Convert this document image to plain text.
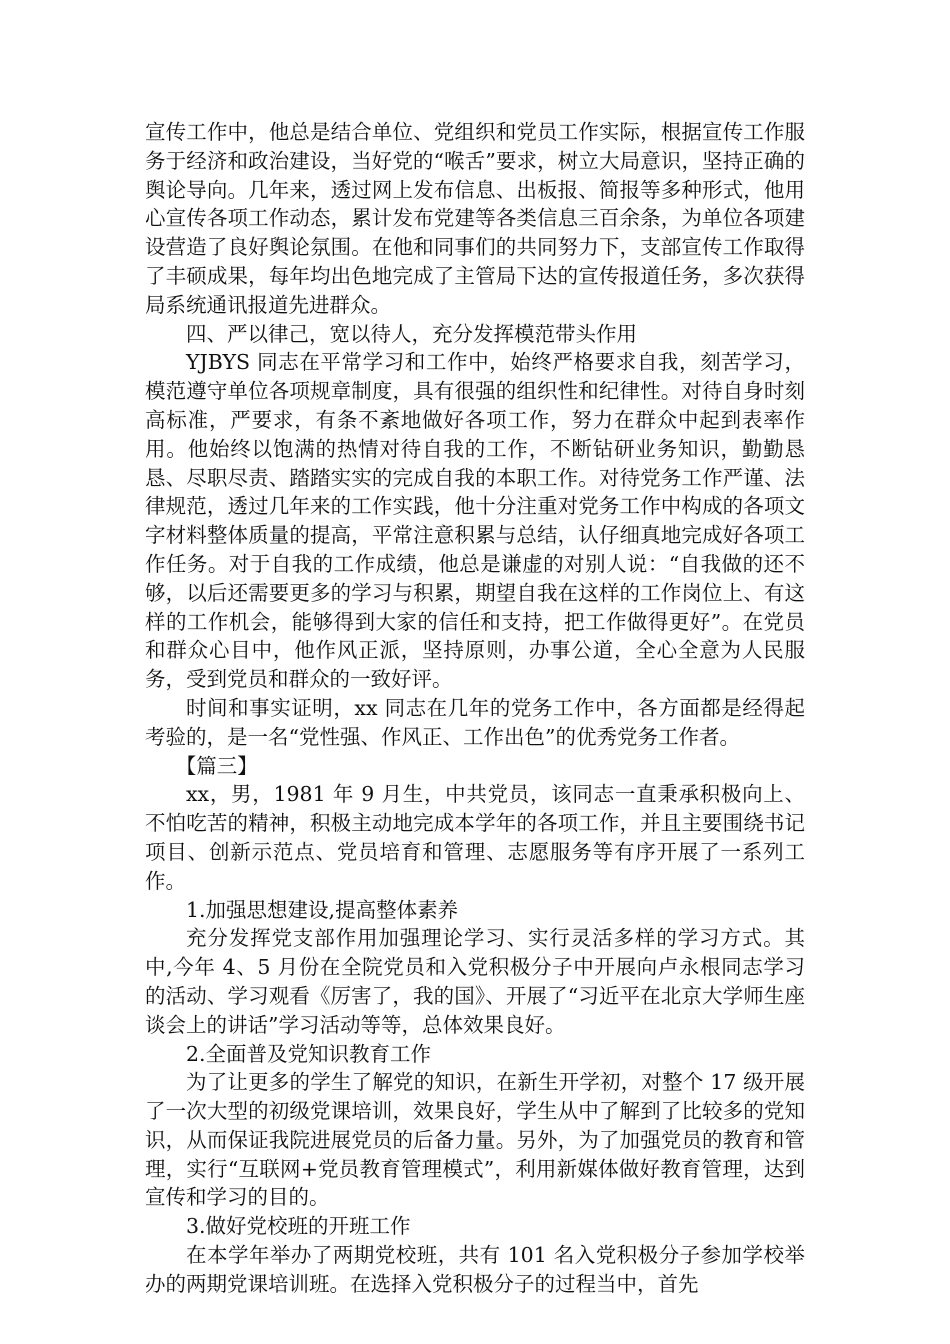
宣传工作中，他总是结合单位、党组织和党员工作实际，根据宣传工作服务于经济和政治建设，当好党的“喉舌”要求，树立大局意识，坚持正确的舆论导向。几年来，透过网上发布信息、出板报、简报等多种形式，他用心宣传各项工作动态，累计发布党建等各类信息三百余条，为单位各项建设营造了良好舆论氛围。在他和同事们的共同努力下，支部宣传工作取得了丰硕成果，每年均出色地完成了主管局下达的宣传报道任务，多次获得局系统通讯报道先进群众。

四、严以律己，宽以待人，充分发挥模范带头作用

YJBYS 同志在平常学习和工作中，始终严格要求自我，刻苦学习，模范遵守单位各项规章制度，具有很强的组织性和纪律性。对待自身时刻高标准，严要求，有条不紊地做好各项工作，努力在群众中起到表率作用。他始终以饱满的热情对待自我的工作，不断钻研业务知识，勤勤恳恳、尽职尽责、踏踏实实的完成自我的本职工作。对待党务工作严谨、法律规范，透过几年来的工作实践，他十分注重对党务工作中构成的各项文字材料整体质量的提高，平常注意积累与总结，认仔细真地完成好各项工作任务。对于自我的工作成绩，他总是谦虚的对别人说：“自我做的还不够，以后还需要更多的学习与积累，期望自我在这样的工作岗位上、有这样的工作机会，能够得到大家的信任和支持，把工作做得更好”。在党员和群众心目中，他作风正派，坚持原则，办事公道，全心全意为人民服务，受到党员和群众的一致好评。

时间和事实证明，xx 同志在几年的党务工作中，各方面都是经得起考验的，是一名“党性强、作风正、工作出色”的优秀党务工作者。

【篇三】

xx，男，1981 年 9 月生，中共党员，该同志一直秉承积极向上、不怕吃苦的精神，积极主动地完成本学年的各项工作，并且主要围绕书记项目、创新示范点、党员培育和管理、志愿服务等有序开展了一系列工作。

1.加强思想建设,提高整体素养

充分发挥党支部作用加强理论学习、实行灵活多样的学习方式。其中,今年 4、5 月份在全院党员和入党积极分子中开展向卢永根同志学习的活动、学习观看《厉害了，我的国》、开展了“习近平在北京大学师生座谈会上的讲话”学习活动等等，总体效果良好。

2.全面普及党知识教育工作

为了让更多的学生了解党的知识，在新生开学初，对整个 17 级开展了一次大型的初级党课培训，效果良好，学生从中了解到了比较多的党知识，从而保证我院进展党员的后备力量。另外，为了加强党员的教育和管理，实行“互联网+党员教育管理模式”，利用新媒体做好教育管理，达到宣传和学习的目的。

3.做好党校班的开班工作

在本学年举办了两期党校班，共有 101 名入党积极分子参加学校举办的两期党课培训班。在选择入党积极分子的过程当中，首先
